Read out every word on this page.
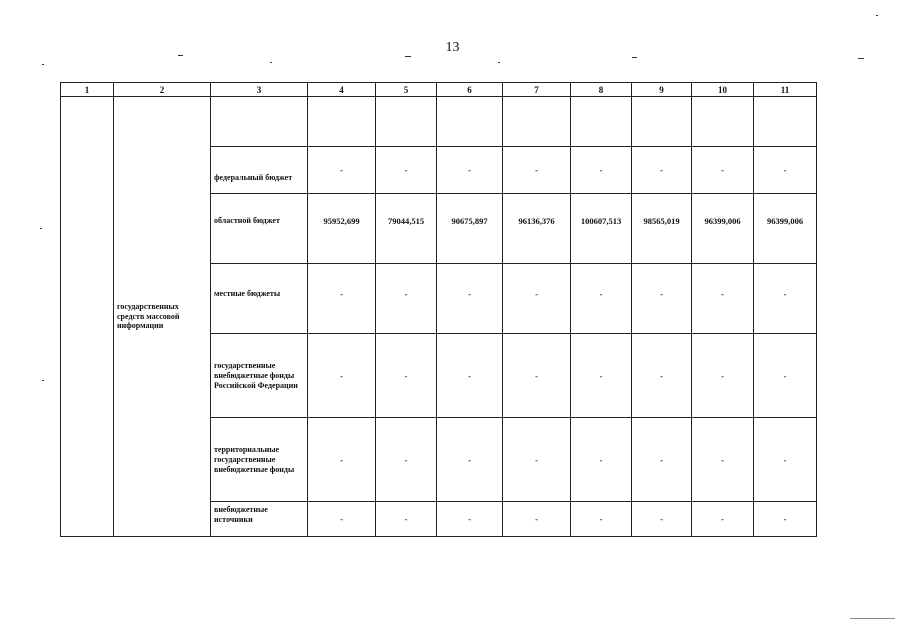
13
1	2	3	4	5	6	7	8	9	10	11
	государственных средств массовой информации									
		федеральный бюджет	-	-	-	-	-	-	-	-
		областной бюджет	95952,699	79044,515	90675,897	96136,376	100607,513	98565,019	96399,006	96399,006
		местные бюджеты	-	-	-	-	-	-	-	-
		государственные внебюджетные фонды Российской Федерации	-	-	-	-	-	-	-	-
		территориальные государственные внебюджетные фонды	-	-	-	-	-	-	-	-
		внебюджетные источники	-	-	-	-	-	-	-	-
